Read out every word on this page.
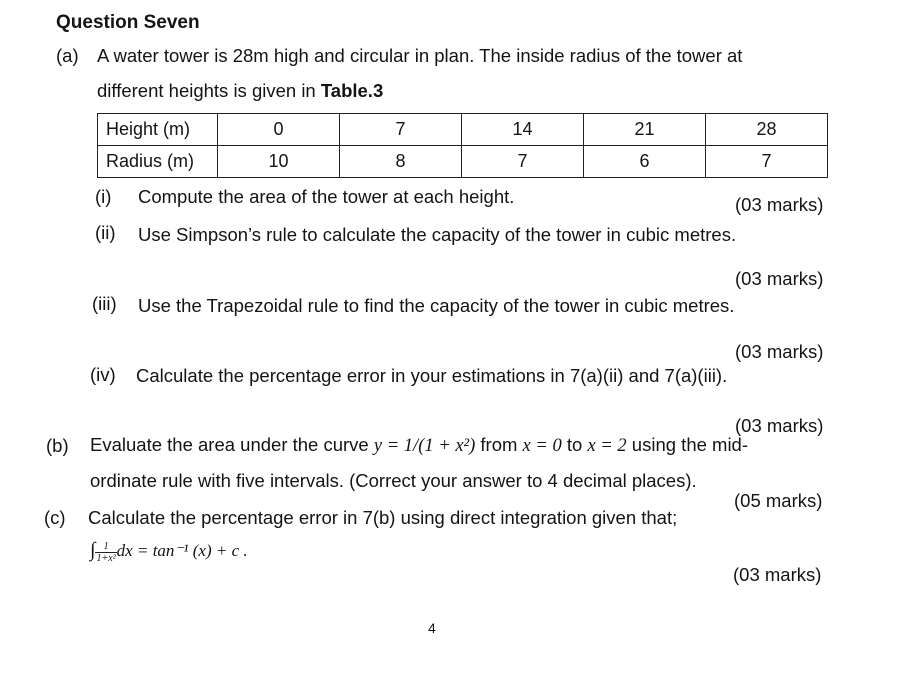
Question Seven
(a) A water tower is 28m high and circular in plan. The inside radius of the tower at
different heights is given in Table.3
Height (m)	0	7	14	21	28
Radius (m)	10	8	7	6	7
(i) Compute the area of the tower at each height.	(03 marks)
(ii) Use Simpson’s rule to calculate the capacity of the tower in cubic metres.
(03 marks)
(iii) Use the Trapezoidal rule to find the capacity of the tower in cubic metres.
(03 marks)
(iv) Calculate the percentage error in your estimations in 7(a)(ii) and 7(a)(iii).
(03 marks)
(b) Evaluate the area under the curve y = 1/(1 + x²) from x = 0 to x = 2 using the mid-
ordinate rule with five intervals. (Correct your answer to 4 decimal places).
(05 marks)
(c) Calculate the percentage error in 7(b) using direct integration given that;
∫ $\frac{1}{\text{1+x²}}$ dx = tan⁻¹ (x) + c .
(03 marks)
4
